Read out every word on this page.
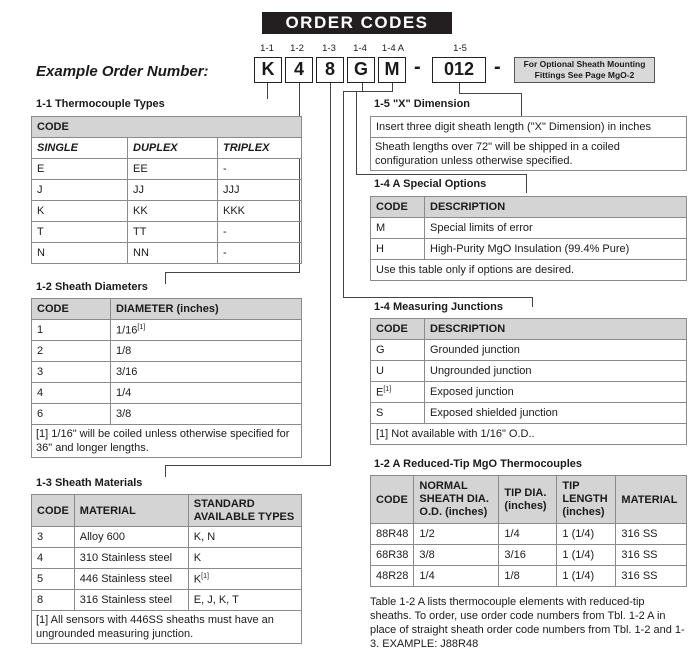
ORDER CODES
Example Order Number:
1-1	1-2	1-3	1-4	1-4 A	1-5
K	4	8	G M -	012 -	For Optional Sheath Mounting
Fittings See Page MgO-2
1-1 Thermocouple Types
CODE		
SINGLE	DUPLEX	TRIPLEX
E	EE	-
J	JJ	JJJ
K	KK	KKK
T	TT	-
N	NN	-
1-2 Sheath Diameters
CODE	DIAMETER (inches)
1	1/16[1]
2	1/8
3	3/16
4	1/4
6	3/8
[1] 1/16" will be coiled unless otherwise specified for 36" and longer lengths.	
1-3 Sheath Materials
CODE	MATERIAL	STANDARD AVAILABLE TYPES
3	Alloy 600	K, N
4	310 Stainless steel	K
5	446 Stainless steel	K[1]
8	316 Stainless steel	E, J, K, T
[1] All sensors with 446SS sheaths must have an ungrounded measuring junction.		
1-5 "X" Dimension
Insert three digit sheath length ("X" Dimension) in inches
Sheath lengths over 72" will be shipped in a coiled configuration unless otherwise specified.
1-4 A Special Options
CODE	DESCRIPTION
M	Special limits of error
H	High-Purity MgO Insulation (99.4% Pure)
Use this table only if options are desired.	
1-4 Measuring Junctions
CODE	DESCRIPTION
G	Grounded junction
U	Ungrounded junction
E[1]	Exposed junction
S	Exposed shielded junction
[1] Not available with 1/16" O.D..	
1-2 A Reduced-Tip MgO Thermocouples
CODE	NORMAL SHEATH DIA. O.D. (inches)	TIP DIA. (inches)	TIP LENGTH (inches)	MATERIAL
88R48	1/2	1/4	1 (1/4)	316 SS
68R38	3/8	3/16	1 (1/4)	316 SS
48R28	1/4	1/8	1 (1/4)	316 SS
Table 1-2 A lists thermocouple elements with reduced-tip sheaths. To order, use order code numbers from Tbl. 1-2 A in place of straight sheath order code numbers from Tbl. 1-2 and 1-3. EXAMPLE: J88R48
